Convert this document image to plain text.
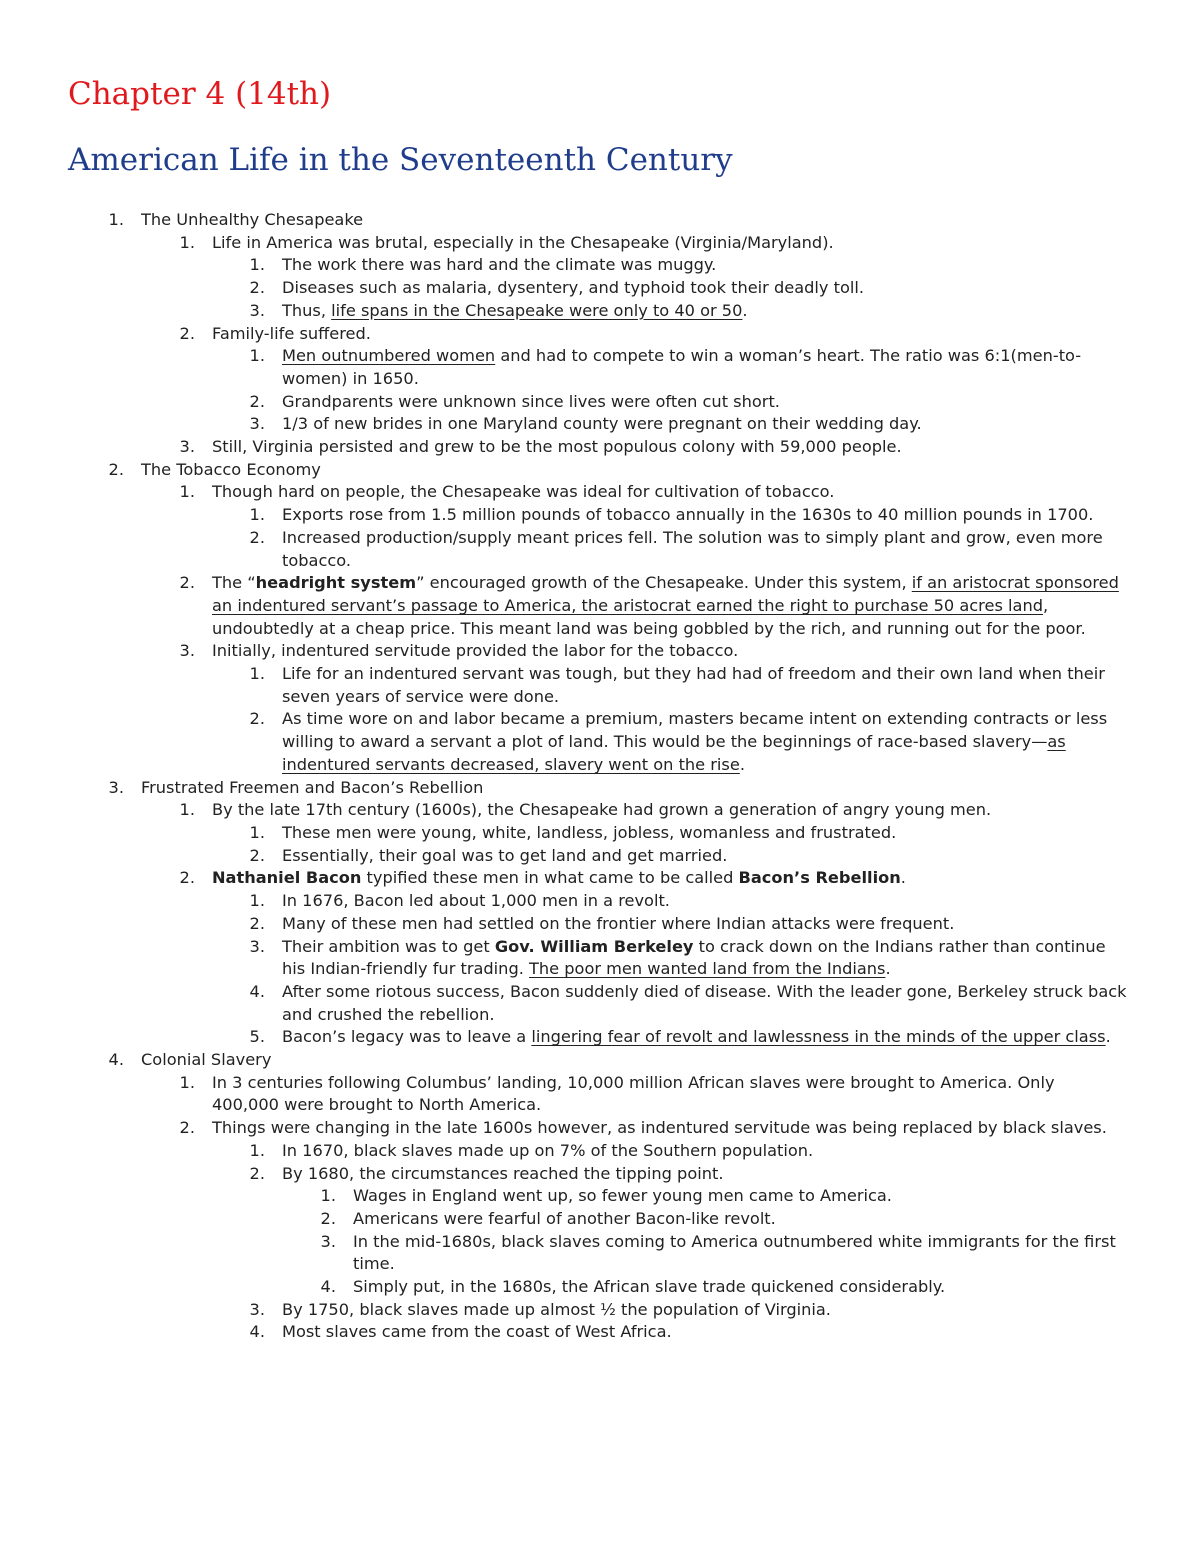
Chapter 4 (14th)
American Life in the Seventeenth Century
1. The Unhealthy Chesapeake
1. Life in America was brutal, especially in the Chesapeake (Virginia/Maryland).
1. The work there was hard and the climate was muggy.
2. Diseases such as malaria, dysentery, and typhoid took their deadly toll.
3. Thus, life spans in the Chesapeake were only to 40 or 50.
2. Family-life suffered.
1. Men outnumbered women and had to compete to win a woman’s heart. The ratio was 6:1(men-to-women) in 1650.
2. Grandparents were unknown since lives were often cut short.
3. 1/3 of new brides in one Maryland county were pregnant on their wedding day.
3. Still, Virginia persisted and grew to be the most populous colony with 59,000 people.
2. The Tobacco Economy
1. Though hard on people, the Chesapeake was ideal for cultivation of tobacco.
1. Exports rose from 1.5 million pounds of tobacco annually in the 1630s to 40 million pounds in 1700.
2. Increased production/supply meant prices fell. The solution was to simply plant and grow, even more tobacco.
2. The “headright system” encouraged growth of the Chesapeake. Under this system, if an aristocrat sponsored an indentured servant’s passage to America, the aristocrat earned the right to purchase 50 acres land, undoubtedly at a cheap price. This meant land was being gobbled by the rich, and running out for the poor.
3. Initially, indentured servitude provided the labor for the tobacco.
1. Life for an indentured servant was tough, but they had had of freedom and their own land when their seven years of service were done.
2. As time wore on and labor became a premium, masters became intent on extending contracts or less willing to award a servant a plot of land. This would be the beginnings of race-based slavery—as indentured servants decreased, slavery went on the rise.
3. Frustrated Freemen and Bacon’s Rebellion
1. By the late 17th century (1600s), the Chesapeake had grown a generation of angry young men.
1. These men were young, white, landless, jobless, womanless and frustrated.
2. Essentially, their goal was to get land and get married.
2. Nathaniel Bacon typified these men in what came to be called Bacon’s Rebellion.
1. In 1676, Bacon led about 1,000 men in a revolt.
2. Many of these men had settled on the frontier where Indian attacks were frequent.
3. Their ambition was to get Gov. William Berkeley to crack down on the Indians rather than continue his Indian-friendly fur trading. The poor men wanted land from the Indians.
4. After some riotous success, Bacon suddenly died of disease. With the leader gone, Berkeley struck back and crushed the rebellion.
5. Bacon’s legacy was to leave a lingering fear of revolt and lawlessness in the minds of the upper class.
4. Colonial Slavery
1. In 3 centuries following Columbus’ landing, 10,000 million African slaves were brought to America. Only 400,000 were brought to North America.
2. Things were changing in the late 1600s however, as indentured servitude was being replaced by black slaves.
1. In 1670, black slaves made up on 7% of the Southern population.
2. By 1680, the circumstances reached the tipping point.
1. Wages in England went up, so fewer young men came to America.
2. Americans were fearful of another Bacon-like revolt.
3. In the mid-1680s, black slaves coming to America outnumbered white immigrants for the first time.
4. Simply put, in the 1680s, the African slave trade quickened considerably.
3. By 1750, black slaves made up almost ½ the population of Virginia.
4. Most slaves came from the coast of West Africa.
